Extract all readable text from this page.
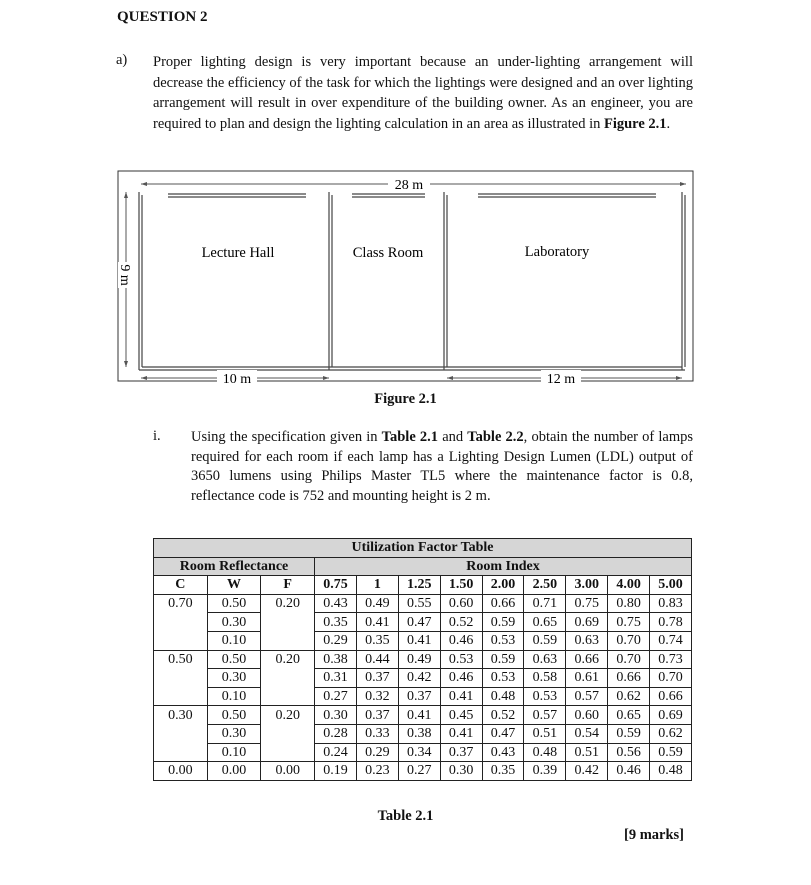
QUESTION 2
a) Proper lighting design is very important because an under-lighting arrangement will decrease the efficiency of the task for which the lightings were designed and an over lighting arrangement will result in over expenditure of the building owner. As an engineer, you are required to plan and design the lighting calculation in an area as illustrated in Figure 2.1.
28 m
9 m
Lecture Hall	Class Room	Laboratory
10 m	12 m
Figure 2.1
i. Using the specification given in Table 2.1 and Table 2.2, obtain the number of lamps required for each room if each lamp has a Lighting Design Lumen (LDL) output of 3650 lumens using Philips Master TL5 where the maintenance factor is 0.8, reflectance code is 752 and mounting height is 2 m.
Utilization Factor Table											
Room Reflectance			Room Index								
C	W	F	0.75	1	1.25	1.50	2.00	2.50	3.00	4.00	5.00
0.70	0.50	0.20	0.43	0.49	0.55	0.60	0.66	0.71	0.75	0.80	0.83
	0.30		0.35	0.41	0.47	0.52	0.59	0.65	0.69	0.75	0.78
	0.10		0.29	0.35	0.41	0.46	0.53	0.59	0.63	0.70	0.74
0.50	0.50	0.20	0.38	0.44	0.49	0.53	0.59	0.63	0.66	0.70	0.73
	0.30		0.31	0.37	0.42	0.46	0.53	0.58	0.61	0.66	0.70
	0.10		0.27	0.32	0.37	0.41	0.48	0.53	0.57	0.62	0.66
0.30	0.50	0.20	0.30	0.37	0.41	0.45	0.52	0.57	0.60	0.65	0.69
	0.30		0.28	0.33	0.38	0.41	0.47	0.51	0.54	0.59	0.62
	0.10		0.24	0.29	0.34	0.37	0.43	0.48	0.51	0.56	0.59
0.00	0.00	0.00	0.19	0.23	0.27	0.30	0.35	0.39	0.42	0.46	0.48
Table 2.1
[9 marks]
